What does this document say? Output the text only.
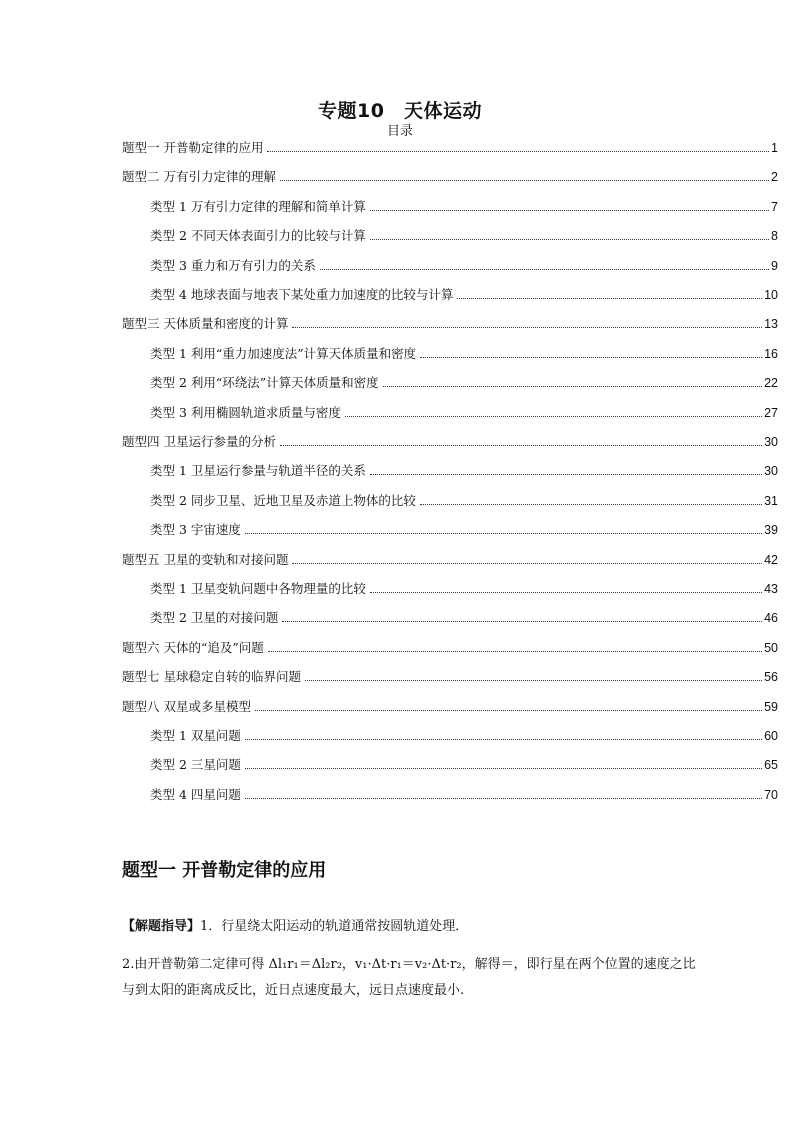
专题10　天体运动
目录
题型一 开普勒定律的应用	1
题型二 万有引力定律的理解	2
类型 1 万有引力定律的理解和简单计算	7
类型 2 不同天体表面引力的比较与计算	8
类型 3 重力和万有引力的关系	9
类型 4 地球表面与地表下某处重力加速度的比较与计算	10
题型三 天体质量和密度的计算	13
类型 1 利用“重力加速度法”计算天体质量和密度	16
类型 2 利用“环绕法”计算天体质量和密度	22
类型 3 利用椭圆轨道求质量与密度	27
题型四 卫星运行参量的分析	30
类型 1 卫星运行参量与轨道半径的关系	30
类型 2 同步卫星、近地卫星及赤道上物体的比较	31
类型 3 宇宙速度	39
题型五 卫星的变轨和对接问题	42
类型 1 卫星变轨问题中各物理量的比较	43
类型 2 卫星的对接问题	46
题型六 天体的“追及”问题	50
题型七 星球稳定自转的临界问题	56
题型八 双星或多星模型	59
类型 1 双星问题	60
类型 2 三星问题	65
类型 4 四星问题	70
题型一 开普勒定律的应用
【解题指导】1．行星绕太阳运动的轨道通常按圆轨道处理．
2.由开普勒第二定律可得 Δl₁r₁＝Δl₂r₂，v₁·Δt·r₁＝v₂·Δt·r₂，解得＝，即行星在两个位置的速度之比与到太阳的距离成反比，近日点速度最大，远日点速度最小.
